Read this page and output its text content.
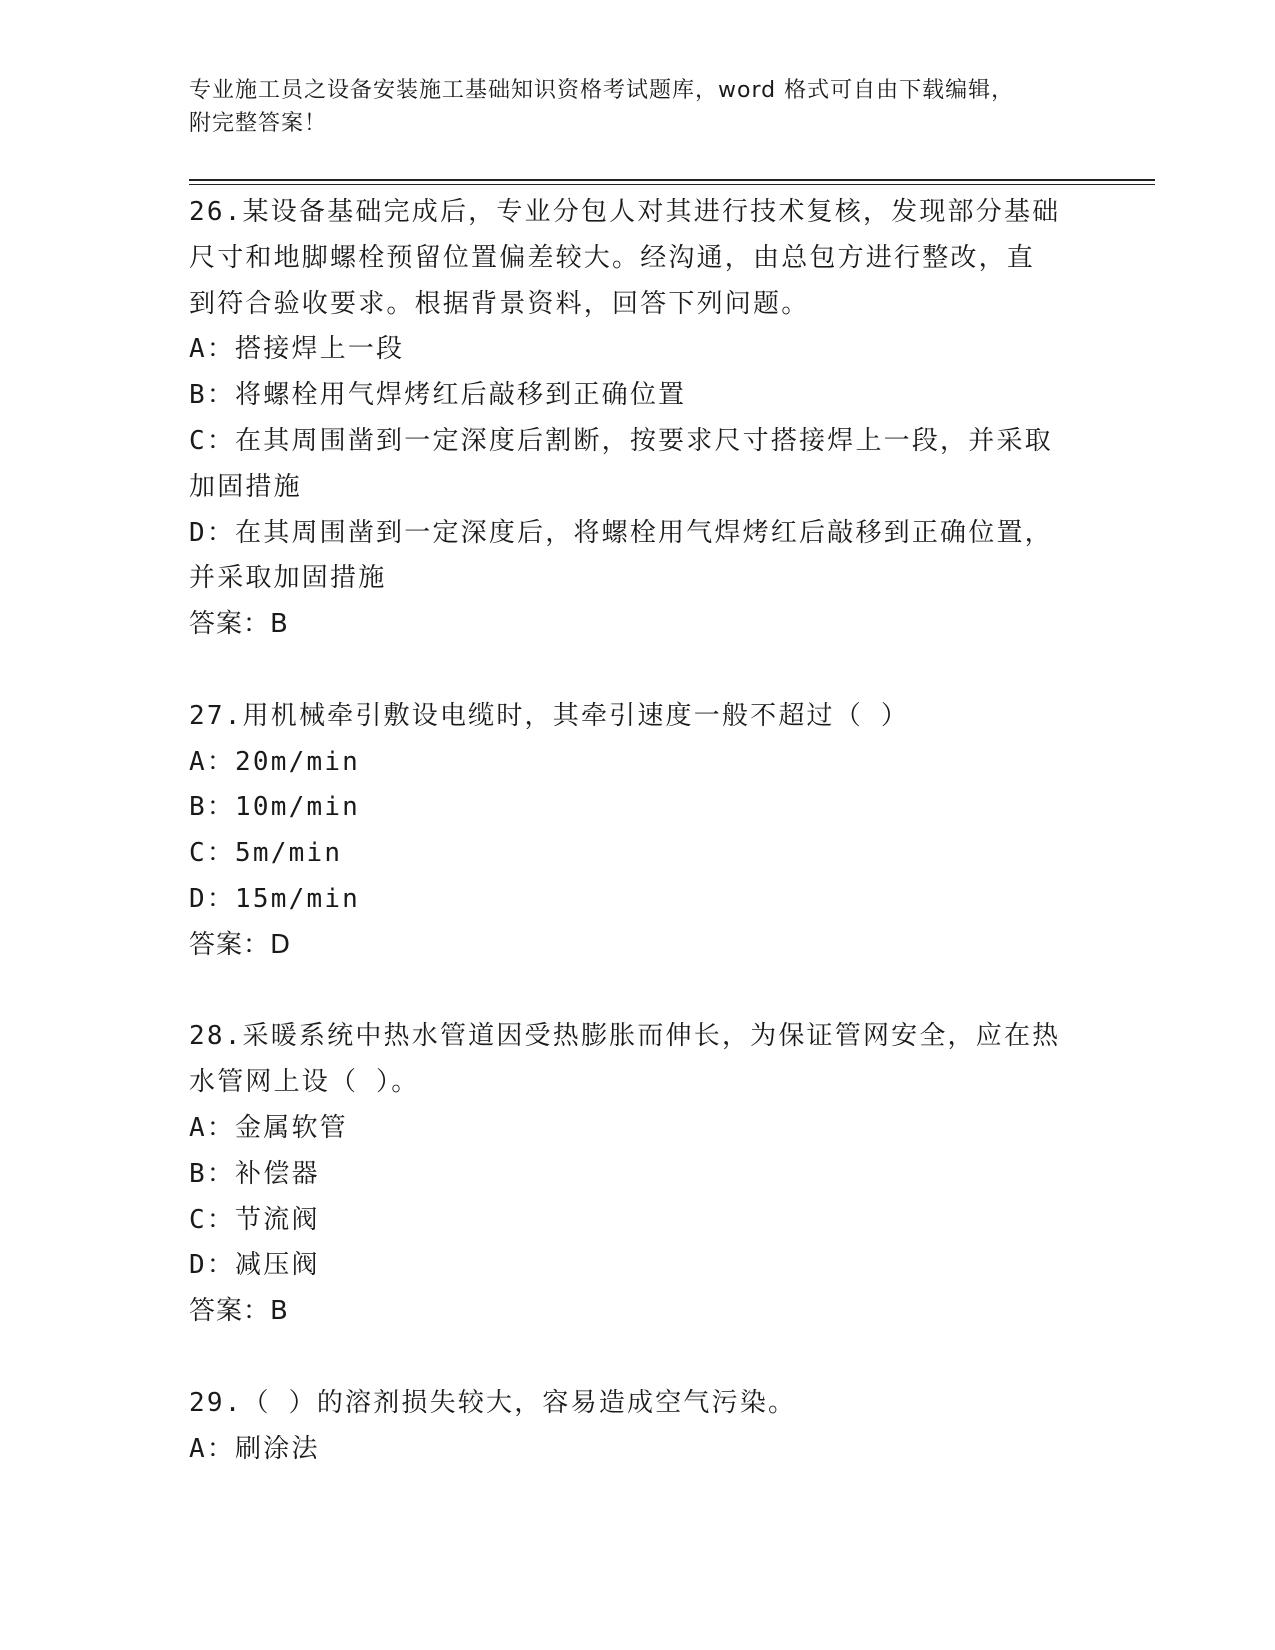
专业施工员之设备安装施工基础知识资格考试题库，word 格式可自由下载编辑，
附完整答案！

26.某设备基础完成后，专业分包人对其进行技术复核，发现部分基础

尺寸和地脚螺栓预留位置偏差较大。经沟通，由总包方进行整改，直

到符合验收要求。根据背景资料，回答下列问题。

A：搭接焊上一段

B：将螺栓用气焊烤红后敲移到正确位置

C：在其周围凿到一定深度后割断，按要求尺寸搭接焊上一段，并采取

加固措施

D：在其周围凿到一定深度后，将螺栓用气焊烤红后敲移到正确位置，

并采取加固措施

答案：B

27.用机械牵引敷设电缆时，其牵引速度一般不超过（ ）

A：20m/min

B：10m/min

C：5m/min

D：15m/min

答案：D

28.采暖系统中热水管道因受热膨胀而伸长，为保证管网安全，应在热

水管网上设（ ）。

A：金属软管

B：补偿器

C：节流阀

D：减压阀

答案：B

29.（ ）的溶剂损失较大，容易造成空气污染。

A：刷涂法
